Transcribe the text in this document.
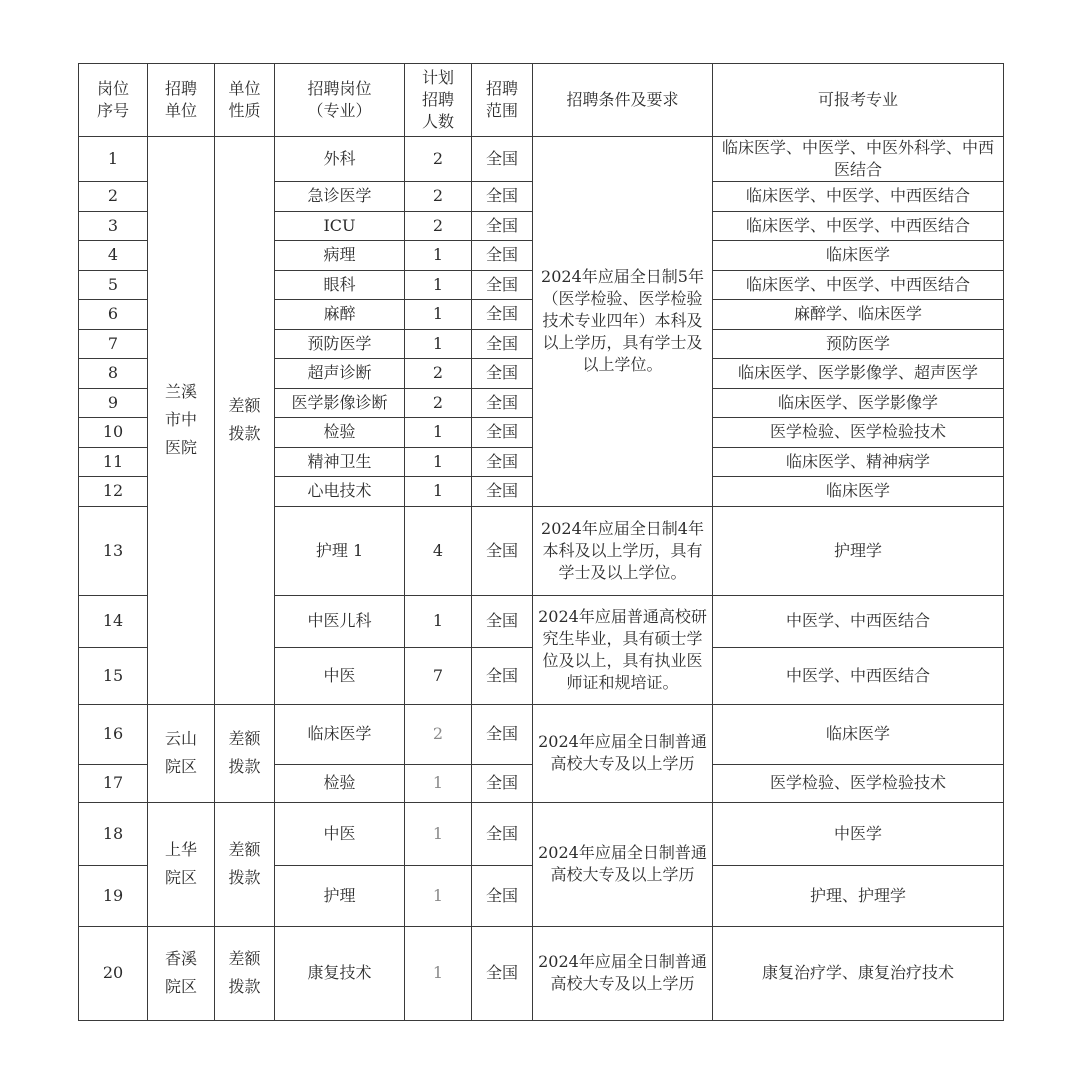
岗位序号	招聘单位	单位性质	招聘岗位（专业）	计划招聘人数	招聘范围	招聘条件及要求	可报考专业
1	兰溪市中医院	差额拨款	外科	2	全国	2024年应届全日制5年（医学检验、医学检验技术专业四年）本科及以上学历，具有学士及以上学位。	临床医学、中医学、中医外科学、中西医结合
2			急诊医学	2	全国		临床医学、中医学、中西医结合
3			ICU	2	全国		临床医学、中医学、中西医结合
4			病理	1	全国		临床医学
5			眼科	1	全国		临床医学、中医学、中西医结合
6			麻醉	1	全国		麻醉学、临床医学
7			预防医学	1	全国		预防医学
8			超声诊断	2	全国		临床医学、医学影像学、超声医学
9			医学影像诊断	2	全国		临床医学、医学影像学
10			检验	1	全国		医学检验、医学检验技术
11			精神卫生	1	全国		临床医学、精神病学
12			心电技术	1	全国		临床医学
13			护理 1	4	全国	2024年应届全日制4年本科及以上学历，具有学士及以上学位。	护理学
14			中医儿科	1	全国	2024年应届普通高校研究生毕业，具有硕士学位及以上，具有执业医师证和规培证。	中医学、中西医结合
15			中医	7	全国		中医学、中西医结合
16	云山院区	差额拨款	临床医学	2	全国	2024年应届全日制普通高校大专及以上学历	临床医学
17			检验	1	全国		医学检验、医学检验技术
18	上华院区	差额拨款	中医	1	全国	2024年应届全日制普通高校大专及以上学历	中医学
19			护理	1	全国		护理、护理学
20	香溪院区	差额拨款	康复技术	1	全国	2024年应届全日制普通高校大专及以上学历	康复治疗学、康复治疗技术
